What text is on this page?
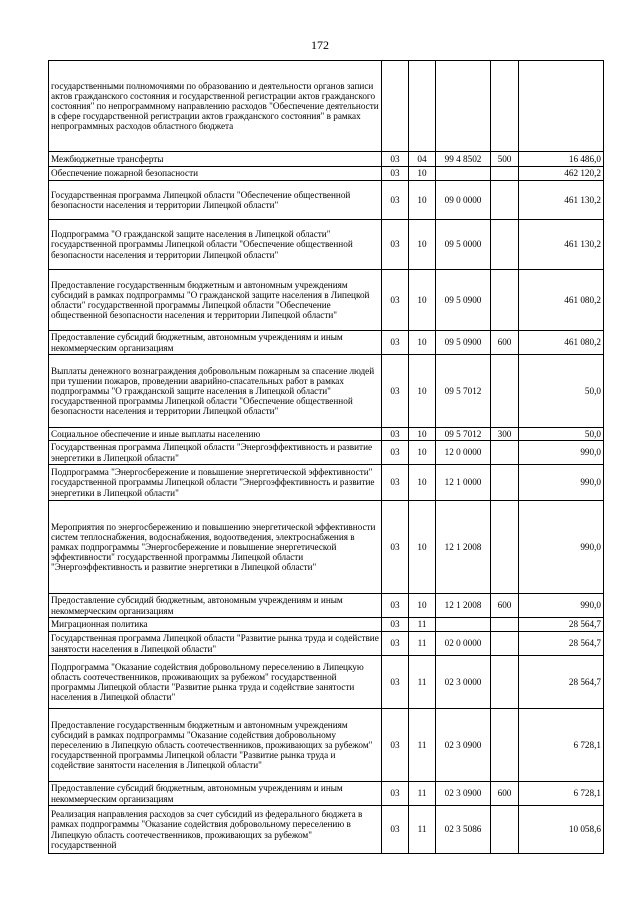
172
государственными полномочиями по образованию и деятельности органов записи актов гражданского состояния и государственной регистрации актов гражданского состояния" по непрограммному направлению расходов "Обеспечение деятельности в сфере государственной регистрации актов гражданского состояния" в рамках непрограммных расходов областного бюджета					
Межбюджетные трансферты	03	04	99 4 8502	500	16 486,0
Обеспечение пожарной безопасности	03	10			462 120,2
Государственная программа Липецкой области "Обеспечение общественной безопасности населения и территории Липецкой области"	03	10	09 0 0000		461 130,2
Подпрограмма "О гражданской защите населения в Липецкой области" государственной программы Липецкой области "Обеспечение общественной безопасности населения и территории Липецкой области"	03	10	09 5 0000		461 130,2
Предоставление государственным бюджетным и автономным учреждениям субсидий в рамках подпрограммы "О гражданской защите населения в Липецкой области" государственной программы Липецкой области "Обеспечение общественной безопасности населения и территории Липецкой области"	03	10	09 5 0900		461 080,2
Предоставление субсидий бюджетным, автономным учреждениям и иным некоммерческим организациям	03	10	09 5 0900	600	461 080,2
Выплаты денежного вознаграждения добровольным пожарным за спасение людей при тушении пожаров, проведении аварийно-спасательных работ в рамках подпрограммы "О гражданской защите населения в Липецкой области" государственной программы Липецкой области "Обеспечение общественной безопасности населения и территории Липецкой области"	03	10	09 5 7012		50,0
Социальное обеспечение и иные выплаты населению	03	10	09 5 7012	300	50,0
Государственная программа Липецкой области "Энергоэффективность и развитие энергетики в Липецкой области"	03	10	12 0 0000		990,0
Подпрограмма "Энергосбережение и повышение энергетической эффективности" государственной программы Липецкой области "Энергоэффективность и развитие энергетики в Липецкой области"	03	10	12 1 0000		990,0
Мероприятия по энергосбережению и повышению энергетической эффективности систем теплоснабжения, водоснабжения, водоотведения, электроснабжения в рамках подпрограммы "Энергосбережение и повышение энергетической эффективности" государственной программы Липецкой области "Энергоэффективность и развитие энергетики в Липецкой области"	03	10	12 1 2008		990,0
Предоставление субсидий бюджетным, автономным учреждениям и иным некоммерческим организациям	03	10	12 1 2008	600	990,0
Миграционная политика	03	11			28 564,7
Государственная программа Липецкой области "Развитие рынка труда и содействие занятости населения в Липецкой области"	03	11	02 0 0000		28 564,7
Подпрограмма "Оказание содействия добровольному переселению в Липецкую область соотечественников, проживающих за рубежом" государственной программы Липецкой области "Развитие рынка труда и содействие занятости населения в Липецкой области"	03	11	02 3 0000		28 564,7
Предоставление государственным бюджетным и автономным учреждениям субсидий в рамках подпрограммы "Оказание содействия добровольному переселению в Липецкую область соотечественников, проживающих за рубежом" государственной программы Липецкой области "Развитие рынка труда и содействие занятости населения в Липецкой области"	03	11	02 3 0900		6 728,1
Предоставление субсидий бюджетным, автономным учреждениям и иным некоммерческим организациям	03	11	02 3 0900	600	6 728,1
Реализация направления расходов за счет субсидий из федерального бюджета в рамках подпрограммы "Оказание содействия добровольному переселению в Липецкую область соотечественников, проживающих за рубежом" государственной	03	11	02 3 5086		10 058,6
